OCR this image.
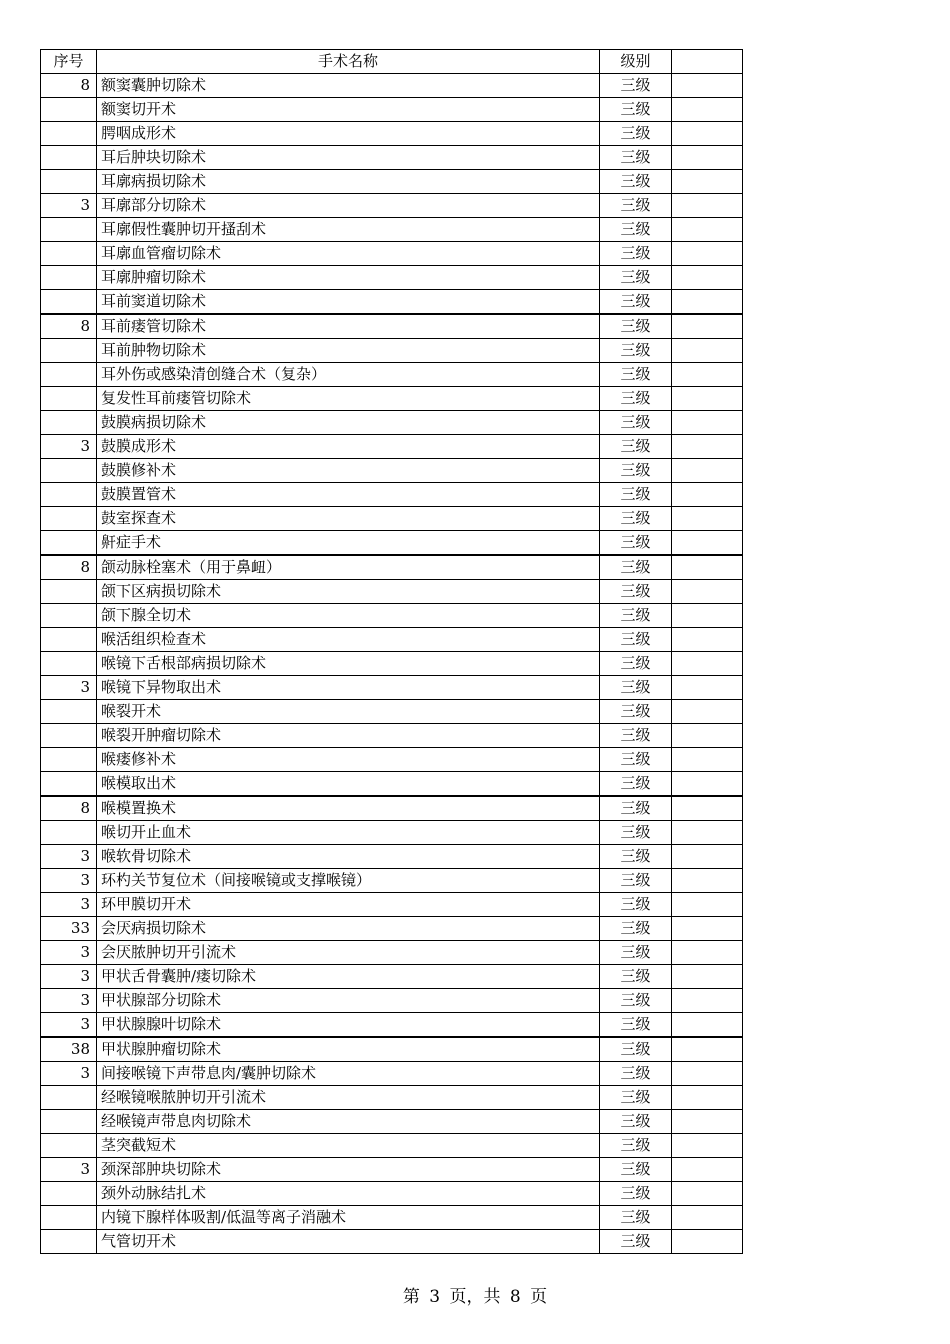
序号	手术名称	级别	
8	额窦囊肿切除术	三级	
	额窦切开术	三级	
	腭咽成形术	三级	
	耳后肿块切除术	三级	
	耳廓病损切除术	三级	
3	耳廓部分切除术	三级	
	耳廓假性囊肿切开搔刮术	三级	
	耳廓血管瘤切除术	三级	
	耳廓肿瘤切除术	三级	
	耳前窦道切除术	三级	
8	耳前瘘管切除术	三级	
	耳前肿物切除术	三级	
	耳外伤或感染清创缝合术（复杂）	三级	
	复发性耳前瘘管切除术	三级	
	鼓膜病损切除术	三级	
3	鼓膜成形术	三级	
	鼓膜修补术	三级	
	鼓膜置管术	三级	
	鼓室探查术	三级	
	鼾症手术	三级	
8	颌动脉栓塞术（用于鼻衄）	三级	
	颌下区病损切除术	三级	
	颌下腺全切术	三级	
	喉活组织检查术	三级	
	喉镜下舌根部病损切除术	三级	
3	喉镜下异物取出术	三级	
	喉裂开术	三级	
	喉裂开肿瘤切除术	三级	
	喉瘘修补术	三级	
	喉模取出术	三级	
8	喉模置换术	三级	
	喉切开止血术	三级	
3	喉软骨切除术	三级	
3	环杓关节复位术（间接喉镜或支撑喉镜）	三级	
3	环甲膜切开术	三级	
33	会厌病损切除术	三级	
3	会厌脓肿切开引流术	三级	
3	甲状舌骨囊肿/瘘切除术	三级	
3	甲状腺部分切除术	三级	
3	甲状腺腺叶切除术	三级	
38	甲状腺肿瘤切除术	三级	
3	间接喉镜下声带息肉/囊肿切除术	三级	
	经喉镜喉脓肿切开引流术	三级	
	经喉镜声带息肉切除术	三级	
	茎突截短术	三级	
3	颈深部肿块切除术	三级	
	颈外动脉结扎术	三级	
	内镜下腺样体吸割/低温等离子消融术	三级	
	气管切开术	三级	
第 3 页，共 8 页
